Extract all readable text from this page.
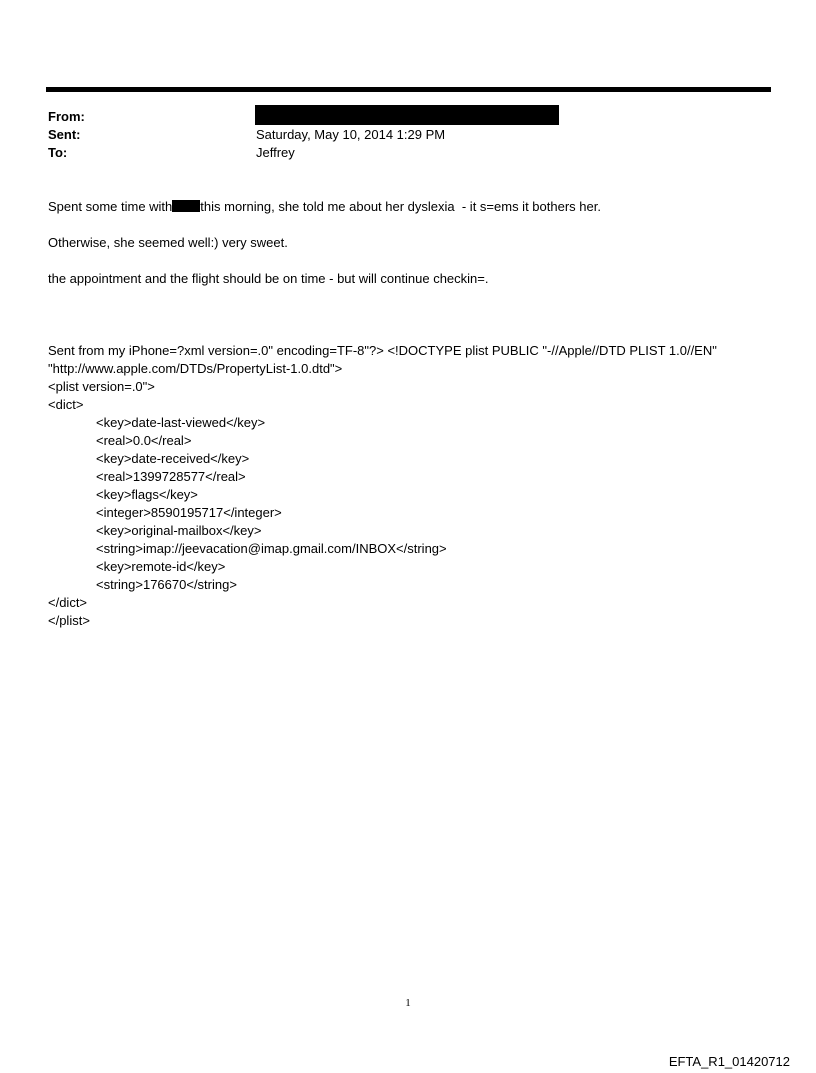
From:
Sent:	Saturday, May 10, 2014 1:29 PM
To:	Jeffrey
Spent some time with this morning, she told me about her dyslexia  - it s=ems it bothers her.
Otherwise, she seemed well:) very sweet.
the appointment and the flight should be on time - but will continue checkin=.
Sent from my iPhone=?xml version=.0" encoding=TF-8"?> <!DOCTYPE plist PUBLIC "-//Apple//DTD PLIST 1.0//EN"
"http://www.apple.com/DTDs/PropertyList-1.0.dtd">
<plist version=.0">
<dict>
<key>date-last-viewed</key>
<real>0.0</real>
<key>date-received</key>
<real>1399728577</real>
<key>flags</key>
<integer>8590195717</integer>
<key>original-mailbox</key>
<string>imap://jeevacation@imap.gmail.com/INBOX</string>
<key>remote-id</key>
<string>176670</string>
</dict>
</plist>
1
EFTA_R1_01420712
